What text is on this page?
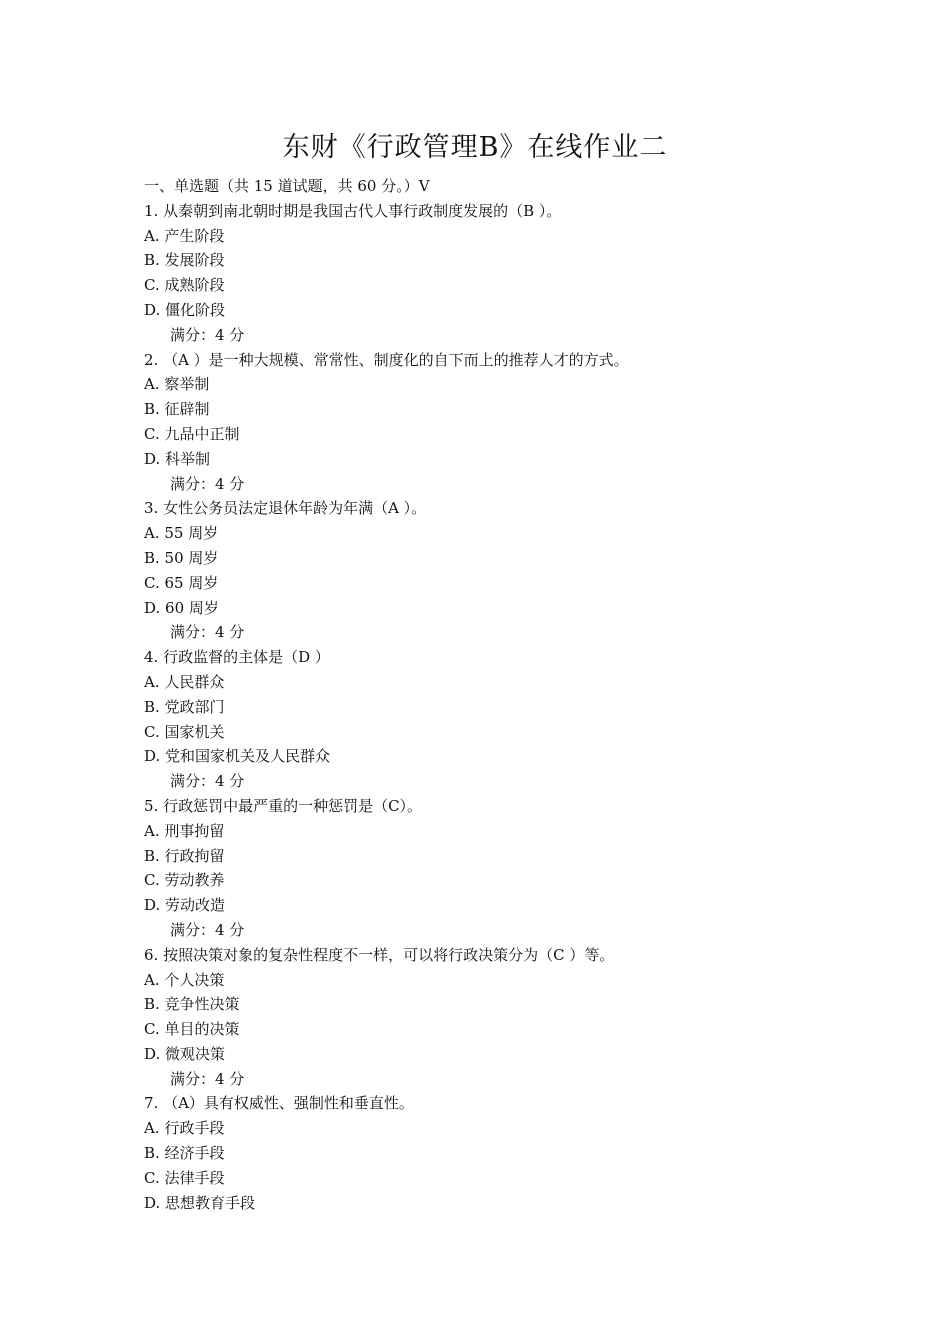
东财《行政管理B》在线作业二
一、单选题（共 15 道试题，共 60 分。）V
1. 从秦朝到南北朝时期是我国古代人事行政制度发展的（B ）。
A. 产生阶段
B. 发展阶段
C. 成熟阶段
D. 僵化阶段
满分：4 分
2. （A ）是一种大规模、常常性、制度化的自下而上的推荐人才的方式。
A. 察举制
B. 征辟制
C. 九品中正制
D. 科举制
满分：4 分
3. 女性公务员法定退休年龄为年满（A ）。
A. 55 周岁
B. 50 周岁
C. 65 周岁
D. 60 周岁
满分：4 分
4. 行政监督的主体是（D ）
A. 人民群众
B. 党政部门
C. 国家机关
D. 党和国家机关及人民群众
满分：4 分
5. 行政惩罚中最严重的一种惩罚是（C）。
A. 刑事拘留
B. 行政拘留
C. 劳动教养
D. 劳动改造
满分：4 分
6. 按照决策对象的复杂性程度不一样，可以将行政决策分为（C ）等。
A. 个人决策
B. 竞争性决策
C. 单目的决策
D. 微观决策
满分：4 分
7. （A）具有权威性、强制性和垂直性。
A. 行政手段
B. 经济手段
C. 法律手段
D. 思想教育手段
